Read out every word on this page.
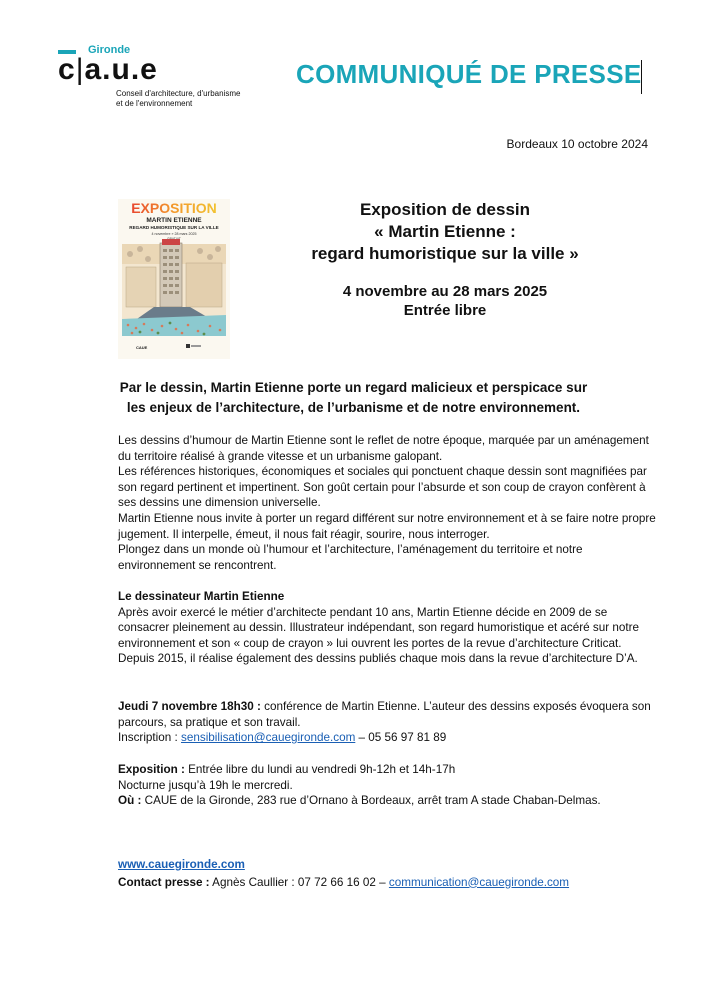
Gironde
c|a.u.e
Conseil d'architecture, d'urbanisme
et de l'environnement
COMMUNIQUÉ DE PRESSE
Bordeaux 10 octobre 2024
EXPOSITION
MARTIN ETIENNE
REGARD HUMORISTIQUE SUR LA VILLE
4 novembre » 28 mars 2025
CAUE
Exposition de dessin
« Martin Etienne :
regard humoristique sur la ville »
4 novembre au 28 mars 2025
Entrée libre
Par le dessin, Martin Etienne porte un regard malicieux et perspicace sur les enjeux de l’architecture, de l’urbanisme et de notre environnement.

Les dessins d’humour de Martin Etienne sont le reflet de notre époque, marquée par un aménagement du territoire réalisé à grande vitesse et un urbanisme galopant.

Les références historiques, économiques et sociales qui ponctuent chaque dessin sont magnifiées par son regard pertinent et impertinent. Son goût certain pour l’absurde et son coup de crayon confèrent à ses dessins une dimension universelle.

Martin Etienne nous invite à porter un regard différent sur notre environnement et à se faire notre propre jugement. Il interpelle, émeut, il nous fait réagir, sourire, nous interroger.

Plongez dans un monde où l’humour et l’architecture, l’aménagement du territoire et notre environnement se rencontrent.

Le dessinateur Martin Etienne

Après avoir exercé le métier d’architecte pendant 10 ans, Martin Etienne décide en 2009 de se consacrer pleinement au dessin. Illustrateur indépendant, son regard humoristique et acéré sur notre environnement et son « coup de crayon » lui ouvrent les portes de la revue d’architecture Criticat. Depuis 2015, il réalise également des dessins publiés chaque mois dans la revue d’architecture D’A.

Jeudi 7 novembre 18h30 : conférence de Martin Etienne. L’auteur des dessins exposés évoquera son parcours, sa pratique et son travail.

Inscription : sensibilisation@cauegironde.com – 05 56 97 81 89

Exposition : Entrée libre du lundi au vendredi 9h-12h et 14h-17h

Nocturne jusqu’à 19h le mercredi.

Où : CAUE de la Gironde, 283 rue d’Ornano à Bordeaux, arrêt tram A stade Chaban-Delmas.

www.cauegironde.com

Contact presse : Agnès Caullier : 07 72 66 16 02 – communication@cauegironde.com
